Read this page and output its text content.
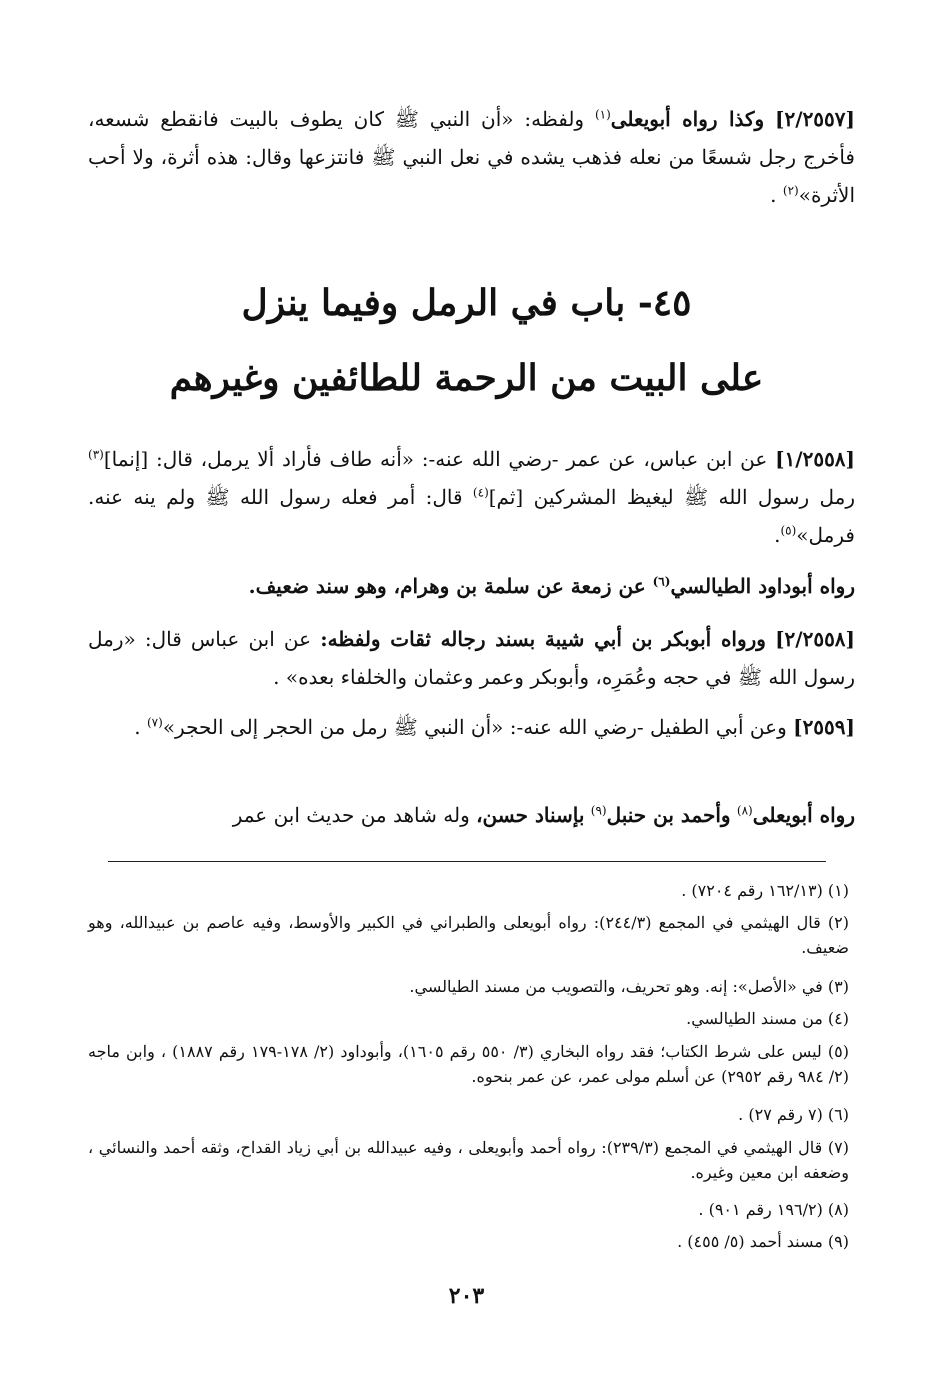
[٢/٢٥٥٧] وكذا رواه أبويعلى$^{(١)}$ ولفظه: «أن النبي ﷺ كان يطوف بالبيت فانقطع شسعه، فأخرج رجل شسعًا من نعله فذهب يشده في نعل النبي ﷺ فانتزعها وقال: هذه أثرة، ولا أحب الأثرة»$^{(٢)}$ .
٤٥- باب في الرمل وفيما ينزل
على البيت من الرحمة للطائفين وغيرهم
[١/٢٥٥٨] عن ابن عباس، عن عمر -رضي الله عنه-: «أنه طاف فأراد ألا يرمل، قال: [إنما]$^{(٣)}$ رمل رسول الله ﷺ ليغيظ المشركين [ثم]$^{(٤)}$ قال: أمر فعله رسول الله ﷺ ولم ينه عنه. فرمل»$^{(٥)}$.
رواه أبوداود الطيالسي$^{(٦)}$ عن زمعة عن سلمة بن وهرام، وهو سند ضعيف.
[٢/٢٥٥٨] ورواه أبوبكر بن أبي شيبة بسند رجاله ثقات ولفظه: عن ابن عباس قال: «رمل رسول الله ﷺ في حجه وعُمَرِه، وأبوبكر وعمر وعثمان والخلفاء بعده» .
[٢٥٥٩] وعن أبي الطفيل -رضي الله عنه-: «أن النبي ﷺ رمل من الحجر إلى الحجر»$^{(٧)}$ .
رواه أبويعلى$^{(٨)}$ وأحمد بن حنبل$^{(٩)}$ بإسناد حسن، وله شاهد من حديث ابن عمر
(١) (١٦٢/١٣ رقم ٧٢٠٤) .
(٢) قال الهيثمي في المجمع (٢٤٤/٣): رواه أبويعلى والطبراني في الكبير والأوسط، وفيه عاصم بن عبيدالله، وهو ضعيف.
(٣) في «الأصل»: إنه. وهو تحريف، والتصويب من مسند الطيالسي.
(٤) من مسند الطيالسي.
(٥) ليس على شرط الكتاب؛ فقد رواه البخاري (٣/ ٥٥٠ رقم ١٦٠٥)، وأبوداود (٢/ ١٧٨-١٧٩ رقم ١٨٨٧) ، وابن ماجه (٢/ ٩٨٤ رقم ٢٩٥٢) عن أسلم مولى عمر، عن عمر بنحوه.
(٦) (٧ رقم ٢٧) .
(٧) قال الهيثمي في المجمع (٢٣٩/٣): رواه أحمد وأبويعلى ، وفيه عبيدالله بن أبي زياد القداح، وثقه أحمد والنسائي ، وضعفه ابن معين وغيره.
(٨) (١٩٦/٢ رقم ٩٠١) .
(٩) مسند أحمد (٥/ ٤٥٥) .
٢٠٣
